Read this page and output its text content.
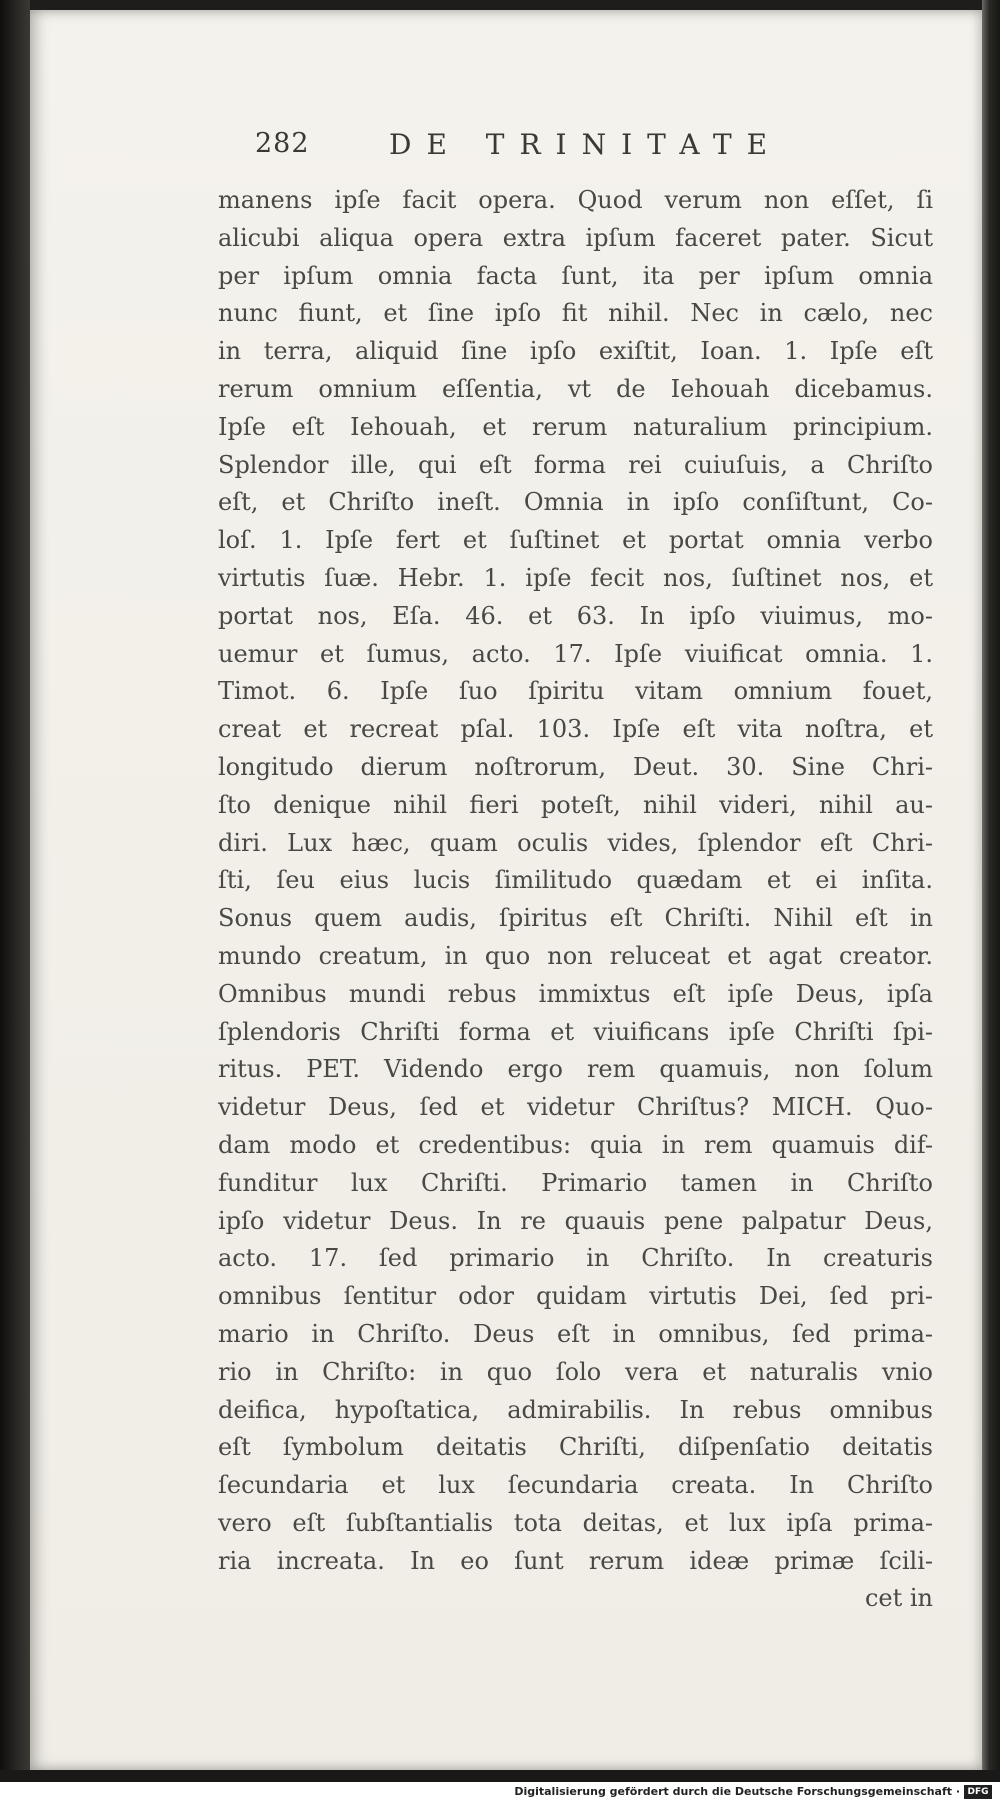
282	DE TRINITATE
manens ipſe facit opera. Quod verum non eſſet, ſi
alicubi aliqua opera extra ipſum faceret pater. Sicut
per ipſum omnia facta ſunt, ita per ipſum omnia
nunc fiunt, et ſine ipſo fit nihil. Nec in cælo, nec
in terra, aliquid ſine ipſo exiſtit, Ioan. 1. Ipſe eſt
rerum omnium eſſentia, vt de Iehouah dicebamus.
Ipſe eſt Iehouah, et rerum naturalium principium.
Splendor ille, qui eſt forma rei cuiuſuis, a Chriſto
eſt, et Chriſto ineſt. Omnia in ipſo conſiſtunt, Co-
loſ. 1. Ipſe fert et ſuſtinet et portat omnia verbo
virtutis ſuæ. Hebr. 1. ipſe fecit nos, ſuſtinet nos, et
portat nos, Eſa. 46. et 63. In ipſo viuimus, mo-
uemur et ſumus, acto. 17. Ipſe viuificat omnia. 1.
Timot. 6. Ipſe ſuo ſpiritu vitam omnium fouet,
creat et recreat pſal. 103. Ipſe eſt vita noſtra, et
longitudo dierum noſtrorum, Deut. 30. Sine Chri-
ſto denique nihil fieri poteſt, nihil videri, nihil au-
diri. Lux hæc, quam oculis vides, ſplendor eſt Chri-
ſti, ſeu eius lucis ſimilitudo quædam et ei inſita.
Sonus quem audis, ſpiritus eſt Chriſti. Nihil eſt in
mundo creatum, in quo non reluceat et agat creator.
Omnibus mundi rebus immixtus eſt ipſe Deus, ipſa
ſplendoris Chriſti forma et viuificans ipſe Chriſti ſpi-
ritus. PET. Videndo ergo rem quamuis, non ſolum
videtur Deus, ſed et videtur Chriſtus? MICH. Quo-
dam modo et credentibus: quia in rem quamuis dif-
funditur lux Chriſti. Primario tamen in Chriſto
ipſo videtur Deus. In re quauis pene palpatur Deus,
acto. 17. ſed primario in Chriſto. In creaturis
omnibus ſentitur odor quidam virtutis Dei, ſed pri-
mario in Chriſto. Deus eſt in omnibus, ſed prima-
rio in Chriſto: in quo ſolo vera et naturalis vnio
deifica, hypoſtatica, admirabilis. In rebus omnibus
eſt ſymbolum deitatis Chriſti, diſpenſatio deitatis
ſecundaria et lux ſecundaria creata. In Chriſto
vero eſt ſubſtantialis tota deitas, et lux ipſa prima-
ria increata. In eo ſunt rerum ideæ primæ ſcili-
cet in
Digitalisierung gefördert durch die Deutsche Forschungsgemeinschaft · DFG
